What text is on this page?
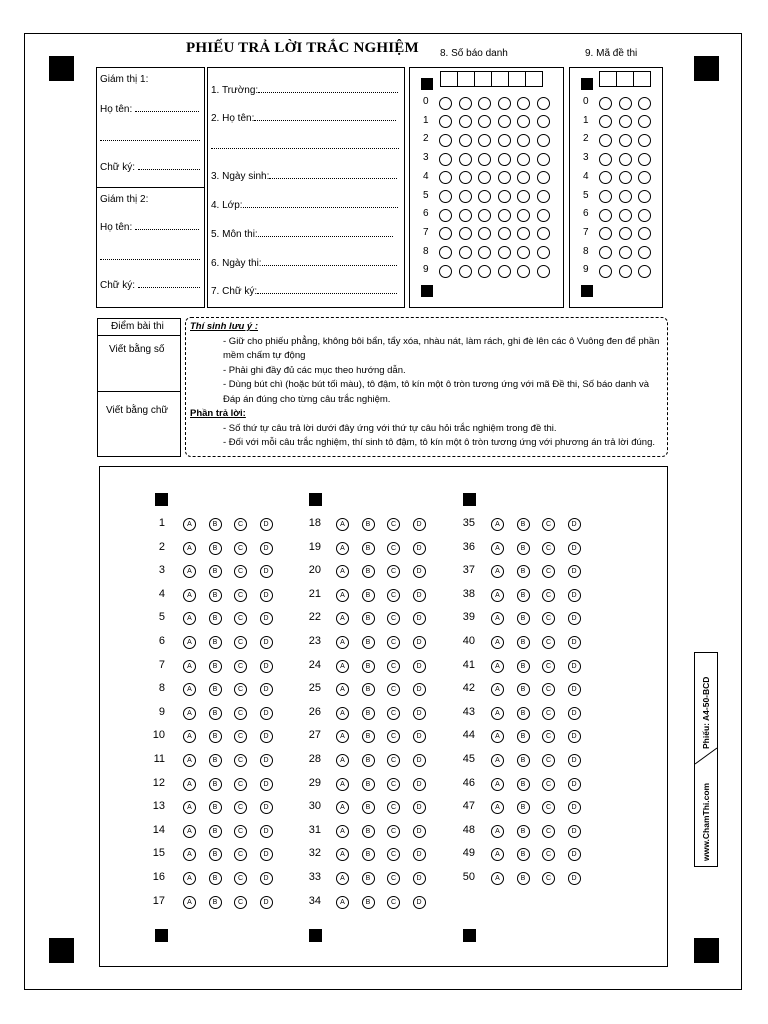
PHIẾU TRẢ LỜI TRẮC NGHIỆM 8. Số báo danh	9. Mã đề thi
Giám thị 1:
Họ tên:
Chữ ký:
Giám thị 2:
Họ tên:
Chữ ký:
1. Trường:
2. Họ tên:
3. Ngày sinh:
4. Lớp:
5. Môn thi:
6. Ngày thi:
7. Chữ ký:
0
1
2
3
4
5
6
7
8
9
0
1
2
3
4
5
6
7
8
9
Điểm bài thi
Viết bằng số
Viết bằng chữ
Thí sinh lưu ý :
- Giữ cho phiếu phẳng, không bôi bẩn, tẩy xóa, nhàu nát, làm rách, ghi đè lên các ô Vuông đen để phần mềm chấm tự động
- Phải ghi đầy đủ các mục theo hướng dẫn.
- Dùng bút chì (hoặc bút tối màu), tô đậm, tô kín một ô tròn tương ứng với mã Đề thi, Số báo danh và Đáp án đúng cho từng câu trắc nghiệm.
Phần trả lời:
- Số thứ tự câu trả lời dưới đây ứng với thứ tự câu hỏi trắc nghiệm trong đề thi.
- Đối với mỗi câu trắc nghiệm, thí sinh tô đậm, tô kín một ô tròn tương ứng với phương án trả lời đúng.
1	A	B	C	D
2	A	B	C	D
3	A	B	C	D
4	A	B	C	D
5	A	B	C	D
6	A	B	C	D
7	A	B	C	D
8	A	B	C	D
9	A	B	C	D
10	A	B	C	D
11	A	B	C	D
12	A	B	C	D
13	A	B	C	D
14	A	B	C	D
15	A	B	C	D
16	A	B	C	D
17	A	B	C	D
18	A	B	C	D
19	A	B	C	D
20	A	B	C	D
21	A	B	C	D
22	A	B	C	D
23	A	B	C	D
24	A	B	C	D
25	A	B	C	D
26	A	B	C	D
27	A	B	C	D
28	A	B	C	D
29	A	B	C	D
30	A	B	C	D
31	A	B	C	D
32	A	B	C	D
33	A	B	C	D
34	A	B	C	D
35	A	B	C	D
36	A	B	C	D
37	A	B	C	D
38	A	B	C	D
39	A	B	C	D
40	A	B	C	D
41	A	B	C	D
42	A	B	C	D
43	A	B	C	D
44	A	B	C	D
45	A	B	C	D
46	A	B	C	D
47	A	B	C	D
48	A	B	C	D
49	A	B	C	D
50	A	B	C	D
Phiếu: A4-50-BCD
www.ChamThi.com
